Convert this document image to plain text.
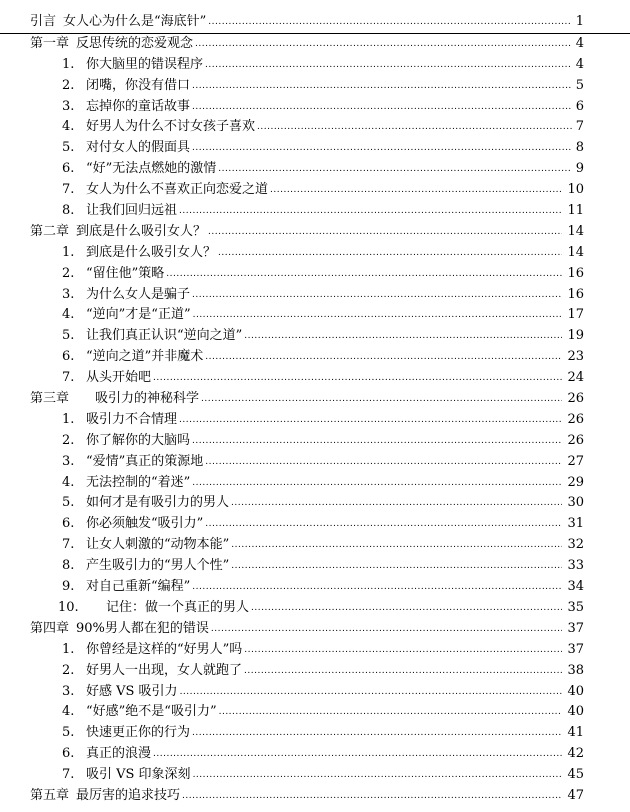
引言 女人心为什么是“海底针” .....	1
第一章 反思传统的恋爱观念 .....	4
1. 你大脑里的错误程序 .....	4
2. 闭嘴，你没有借口 .....	5
3. 忘掉你的童话故事 .....	6
4. 好男人为什么不讨女孩子喜欢 .....	7
5. 对付女人的假面具 .....	8
6. “好”无法点燃她的激情 .....	9
7. 女人为什么不喜欢正向恋爱之道 .....	10
8. 让我们回归远祖 .....	11
第二章 到底是什么吸引女人？ .....	14
1. 到底是什么吸引女人？ .....	14
2. “留住他”策略 .....	16
3. 为什么女人是骗子 .....	16
4. “逆向”才是“正道” .....	17
5. 让我们真正认识“逆向之道” .....	19
6. “逆向之道”并非魔术 .....	23
7. 从头开始吧 .....	24
第三章 吸引力的神秘科学 .....	26
1. 吸引力不合情理 .....	26
2. 你了解你的大脑吗 .....	26
3. “爱情”真正的策源地 .....	27
4. 无法控制的“着迷” .....	29
5. 如何才是有吸引力的男人 .....	30
6. 你必须触发“吸引力” .....	31
7. 让女人刺激的“动物本能” .....	32
8. 产生吸引力的“男人个性” .....	33
9. 对自己重新“编程” .....	34
10. 记住：做一个真正的男人 .....	35
第四章 90%男人都在犯的错误 .....	37
1. 你曾经是这样的“好男人”吗 .....	37
2. 好男人一出现，女人就跑了 .....	38
3. 好感 VS 吸引力 .....	40
4. “好感”绝不是“吸引力” .....	40
5. 快速更正你的行为 .....	41
6. 真正的浪漫 .....	42
7. 吸引 VS 印象深刻 .....	45
第五章 最厉害的追求技巧 .....	47
